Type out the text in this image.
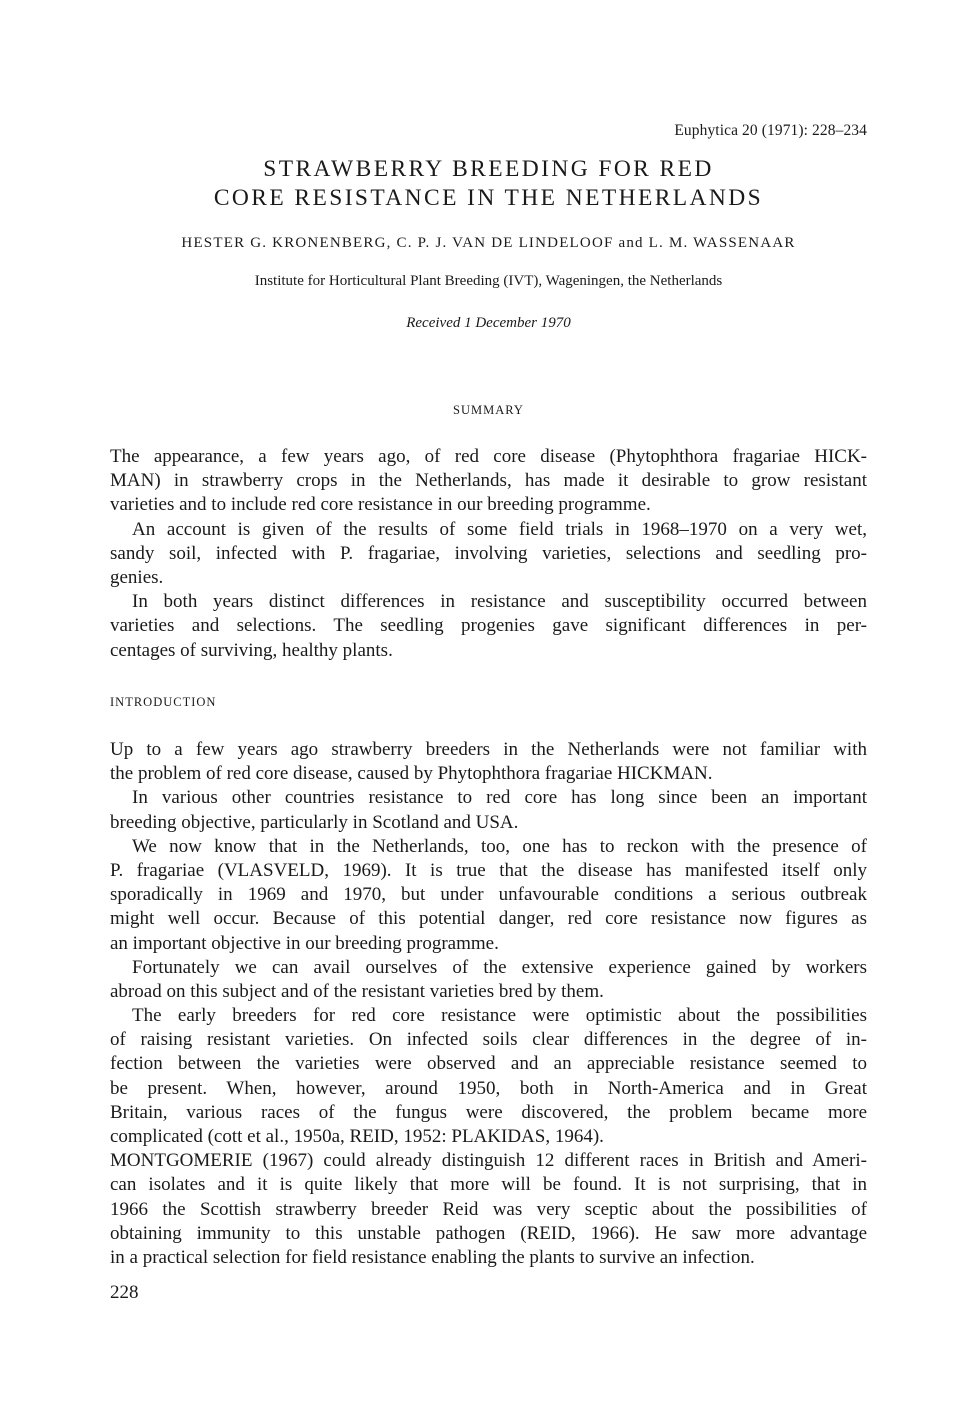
Euphytica 20 (1971): 228–234
STRAWBERRY BREEDING FOR RED
CORE RESISTANCE IN THE NETHERLANDS
HESTER G. KRONENBERG, C. P. J. VAN DE LINDELOOF and L. M. WASSENAAR
Institute for Horticultural Plant Breeding (IVT), Wageningen, the Netherlands
Received 1 December 1970
SUMMARY
The appearance, a few years ago, of red core disease (Phytophthora fragariae HICK-
MAN) in strawberry crops in the Netherlands, has made it desirable to grow resistant
varieties and to include red core resistance in our breeding programme.
An account is given of the results of some field trials in 1968–1970 on a very wet,
sandy soil, infected with P. fragariae, involving varieties, selections and seedling pro-
genies.
In both years distinct differences in resistance and susceptibility occurred between
varieties and selections. The seedling progenies gave significant differences in per-
centages of surviving, healthy plants.
INTRODUCTION
Up to a few years ago strawberry breeders in the Netherlands were not familiar with
the problem of red core disease, caused by Phytophthora fragariae HICKMAN.
In various other countries resistance to red core has long since been an important
breeding objective, particularly in Scotland and USA.
We now know that in the Netherlands, too, one has to reckon with the presence of
P. fragariae (VLASVELD, 1969). It is true that the disease has manifested itself only
sporadically in 1969 and 1970, but under unfavourable conditions a serious outbreak
might well occur. Because of this potential danger, red core resistance now figures as
an important objective in our breeding programme.
Fortunately we can avail ourselves of the extensive experience gained by workers
abroad on this subject and of the resistant varieties bred by them.
The early breeders for red core resistance were optimistic about the possibilities
of raising resistant varieties. On infected soils clear differences in the degree of in-
fection between the varieties were observed and an appreciable resistance seemed to
be present. When, however, around 1950, both in North-America and in Great
Britain, various races of the fungus were discovered, the problem became more
complicated (cott et al., 1950a, REID, 1952: PLAKIDAS, 1964).
MONTGOMERIE (1967) could already distinguish 12 different races in British and Ameri-
can isolates and it is quite likely that more will be found. It is not surprising, that in
1966 the Scottish strawberry breeder Reid was very sceptic about the possibilities of
obtaining immunity to this unstable pathogen (REID, 1966). He saw more advantage
in a practical selection for field resistance enabling the plants to survive an infection.
228
